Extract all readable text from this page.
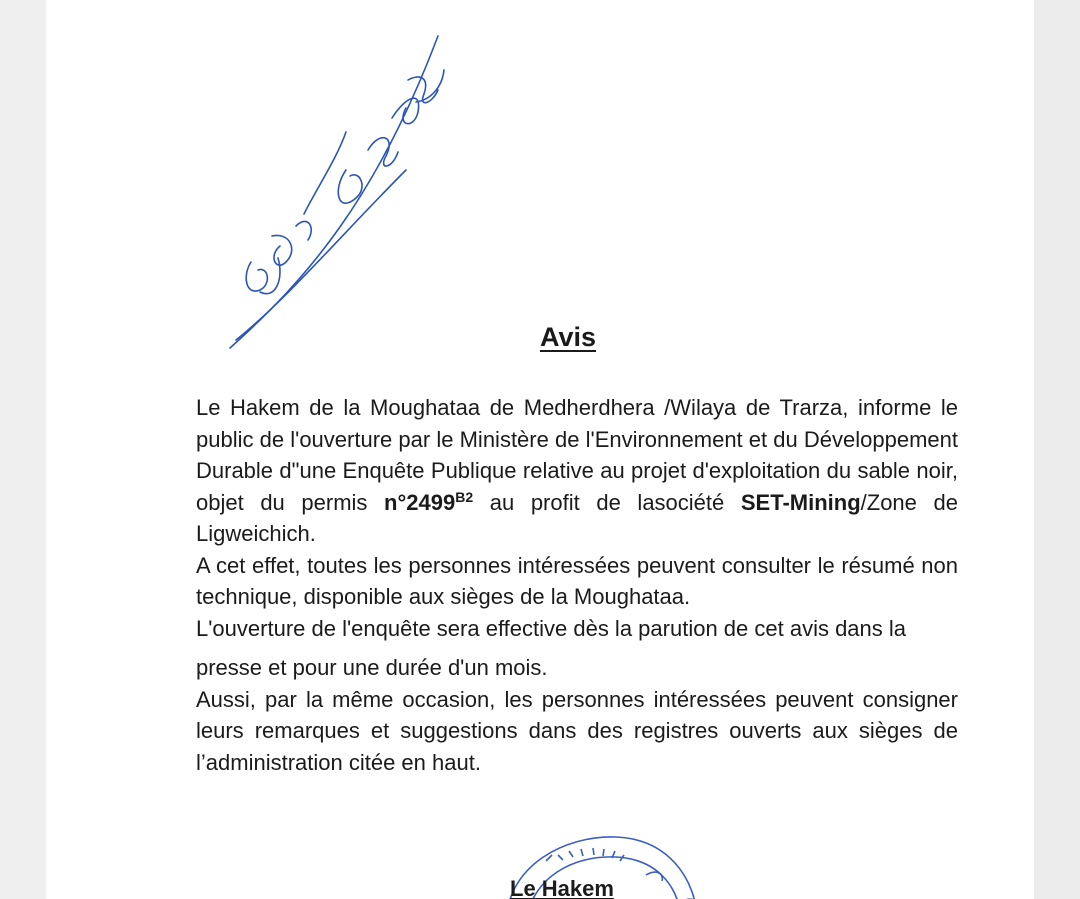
Avis

Le Hakem de la Moughataa de Medherdhera /Wilaya de Trarza, informe le public de l'ouverture par le Ministère de l'Environnement et du Développement Durable d"une Enquête Publique relative au projet d'exploitation du sable noir, objet du permis $n^\circ 2499^{B2}$ au profit de lasociété SET-Mining/Zone de Ligweichich.

A cet effet, toutes les personnes intéressées peuvent consulter le résumé non technique, disponible aux sièges de la Moughataa.

L'ouverture de l'enquête sera effective dès la parution de cet avis dans la

presse et pour une durée d'un mois.

Aussi, par la même occasion, les personnes intéressées peuvent consigner leurs remarques et suggestions dans des registres ouverts aux sièges de l’administration citée en haut.

Le Hakem
